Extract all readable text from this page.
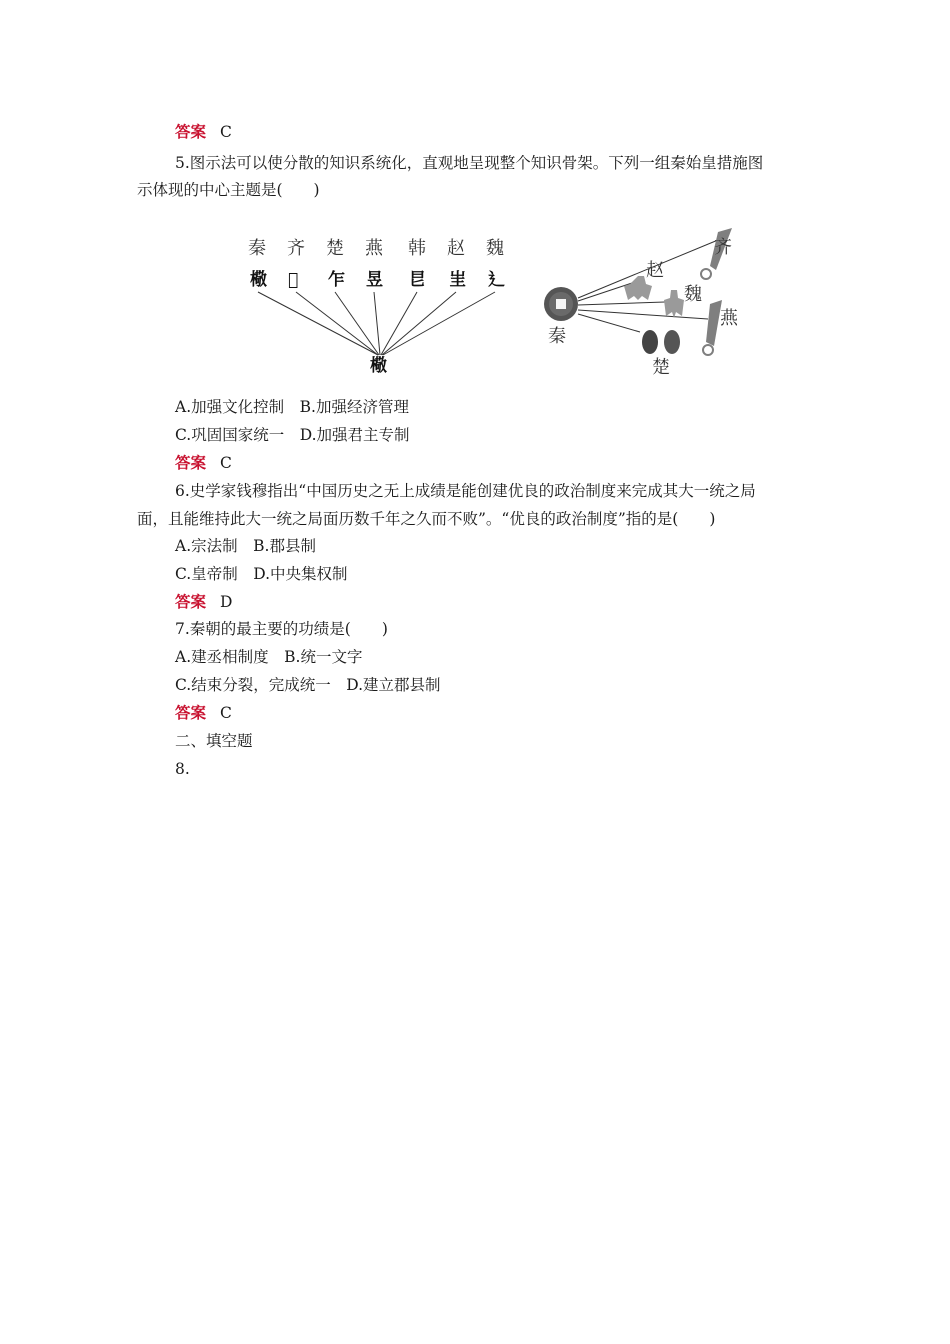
答案 C
5.图示法可以使分散的知识系统化，直观地呈现整个知识骨架。下列一组秦始皇措施图
示体现的中心主题是(　　)
秦 齐 楚 燕 韩 赵 魏
㯳 𠇈 乍 昱 㫐 㞷 ⻎
㯳
秦
齐
赵
魏
燕
楚
A.加强文化控制　B.加强经济管理
C.巩固国家统一　D.加强君主专制
答案 C
6.史学家钱穆指出“中国历史之无上成绩是能创建优良的政治制度来完成其大一统之局
面，且能维持此大一统之局面历数千年之久而不败”。“优良的政治制度”指的是(　　)
A.宗法制　B.郡县制
C.皇帝制　D.中央集权制
答案 D
7.秦朝的最主要的功绩是(　　)
A.建丞相制度　B.统一文字
C.结束分裂，完成统一　D.建立郡县制
答案 C
二、填空题
8.
